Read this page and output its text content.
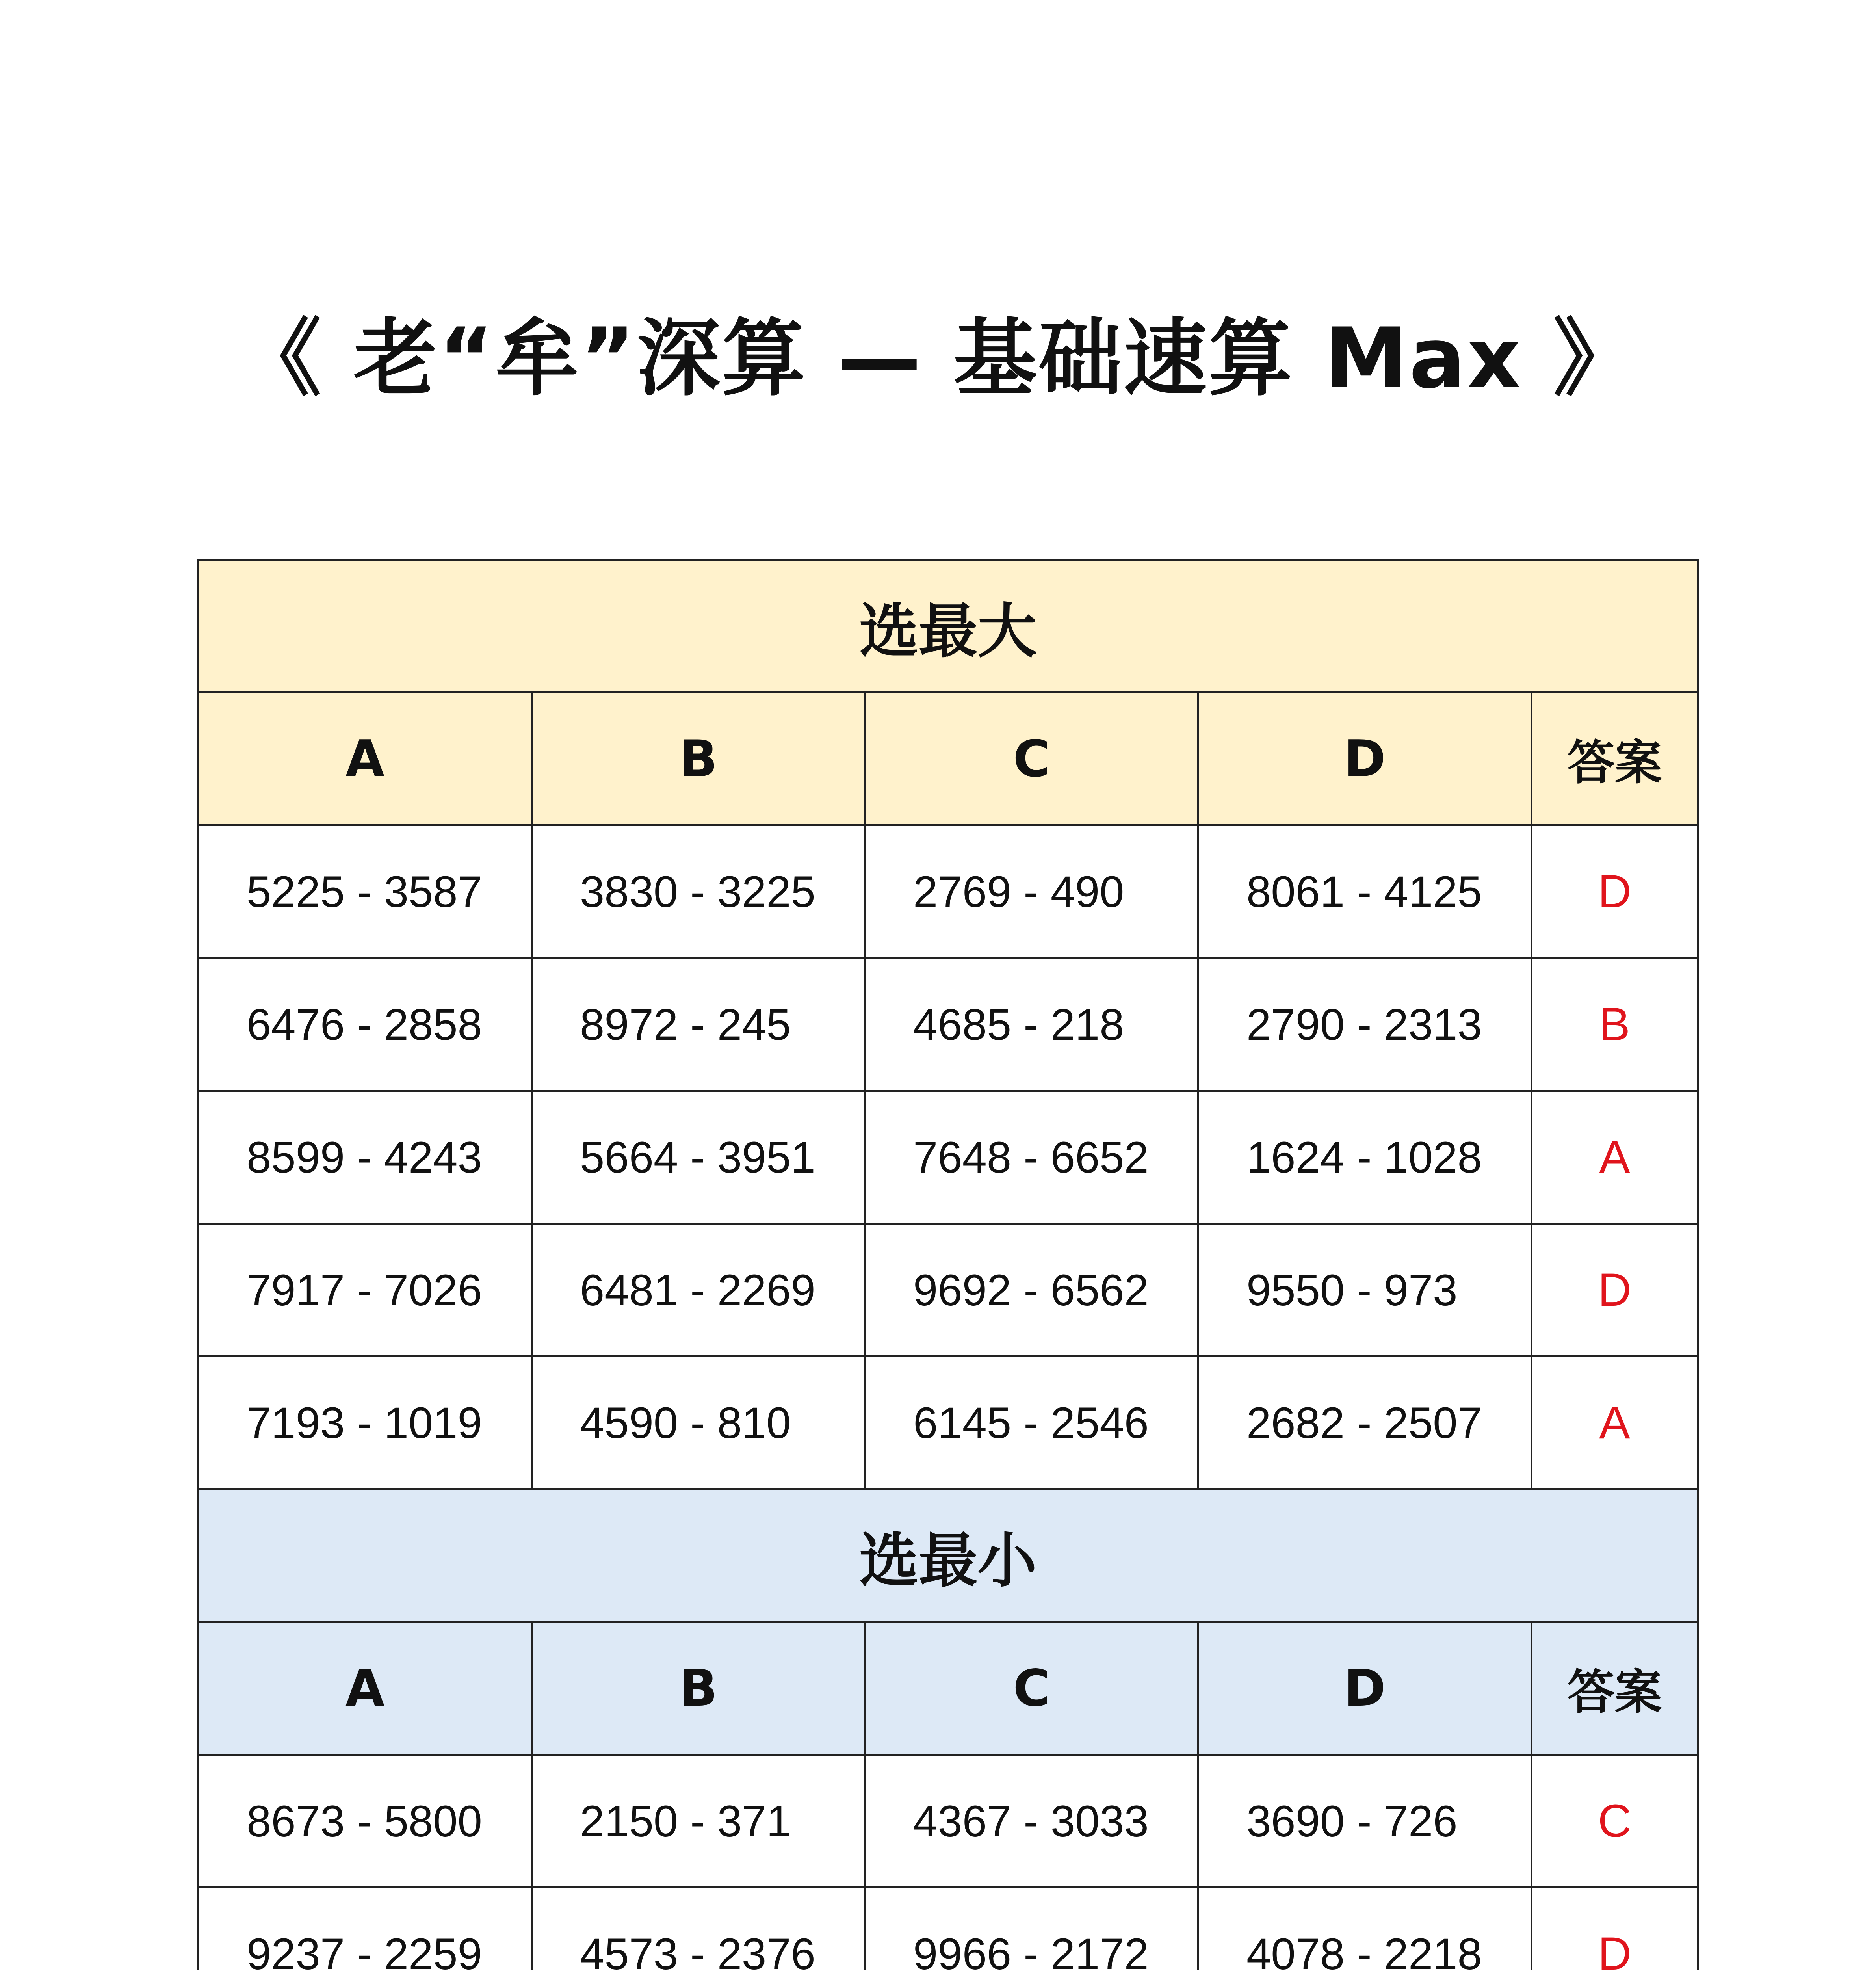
《 老“牟”深算 — 基础速算 Max 》
选最大				
A	B	C	D	答案
5225 - 3587	3830 - 3225	2769 - 490	8061 - 4125	D
6476 - 2858	8972 - 245	4685 - 218	2790 - 2313	B
8599 - 4243	5664 - 3951	7648 - 6652	1624 - 1028	A
7917 - 7026	6481 - 2269	9692 - 6562	9550 - 973	D
7193 - 1019	4590 - 810	6145 - 2546	2682 - 2507	A
选最小				
A	B	C	D	答案
8673 - 5800	2150 - 371	4367 - 3033	3690 - 726	C
9237 - 2259	4573 - 2376	9966 - 2172	4078 - 2218	D
